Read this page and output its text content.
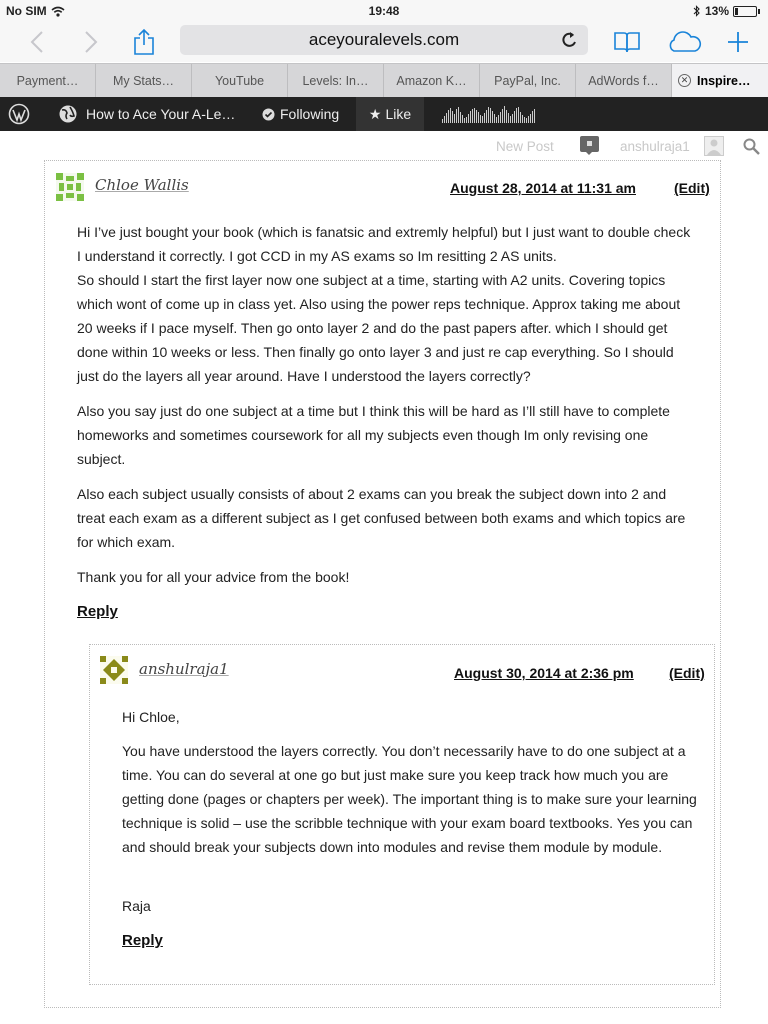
No SIM	19:48	13%
aceyouralevels.com
Payment…	My Stats…	YouTube	Levels: In… Amazon K… PayPal, Inc. AdWords f…	✕ Inspire…
How to Ace Your A-Le…	Following ★ Like
New Post	anshulraja1
Chloe Wallis	August 28, 2014 at 11:31 am	(Edit)
Hi I’ve just bought your book (which is fanatsic and extremly helpful) but I just want to double check I understand it correctly. I got CCD in my AS exams so Im resitting 2 AS units.
So should I start the first layer now one subject at a time, starting with A2 units. Covering topics which wont of come up in class yet. Also using the power reps technique. Approx taking me about 20 weeks if I pace myself. Then go onto layer 2 and do the past papers after. which I should get done within 10 weeks or less. Then finally go onto layer 3 and just re cap everything. So I should just do the layers all year around. Have I understood the layers correctly?
Also you say just do one subject at a time but I think this will be hard as I’ll still have to complete homeworks and sometimes coursework for all my subjects even though Im only revising one subject.
Also each subject usually consists of about 2 exams can you break the subject down into 2 and treat each exam as a different subject as I get confused between both exams and which topics are for which exam.
Thank you for all your advice from the book!
Reply
anshulraja1	August 30, 2014 at 2:36 pm	(Edit)
Hi Chloe,
You have understood the layers correctly. You don’t necessarily have to do one subject at a time. You can do several at one go but just make sure you keep track how much you are getting done (pages or chapters per week). The important thing is to make sure your learning technique is solid – use the scribble technique with your exam board textbooks. Yes you can and should break your subjects down into modules and revise them module by module.
Raja
Reply
